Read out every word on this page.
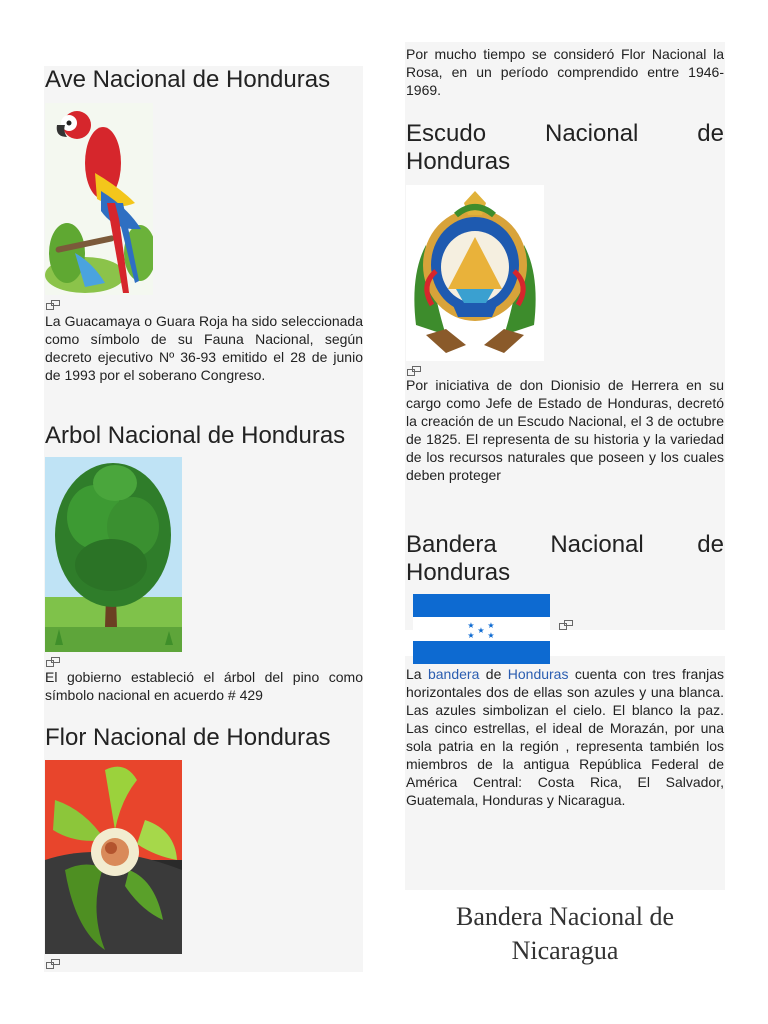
Ave Nacional de Honduras

La Guacamaya o Guara Roja ha sido seleccionada como símbolo de su Fauna Nacional, según decreto ejecutivo Nº 36-93 emitido el 28 de junio de 1993 por el soberano Congreso.

Arbol Nacional de Honduras

El gobierno estableció el árbol del pino como símbolo nacional en acuerdo # 429

Flor Nacional de Honduras

Por mucho tiempo se consideró Flor Nacional la Rosa, en un período comprendido entre 1946-1969.

Escudo Nacional de
Honduras

Por iniciativa de don Dionisio de Herrera en su cargo como Jefe de Estado de Honduras, decretó la creación de un Escudo Nacional, el 3 de octubre de 1825. El representa de su historia y la variedad de los recursos naturales que poseen y los cuales deben proteger

Bandera Nacional de
Honduras
★ ★
★
★ ★

La bandera de Honduras cuenta con tres franjas horizontales dos de ellas son azules y una blanca. Las azules simbolizan el cielo. El blanco la paz. Las cinco estrellas, el ideal de Morazán, por una sola patria en la región , representa también los miembros de la antigua República Federal de América Central: Costa Rica, El Salvador, Guatemala, Honduras y Nicaragua.

Bandera Nacional de
Nicaragua
